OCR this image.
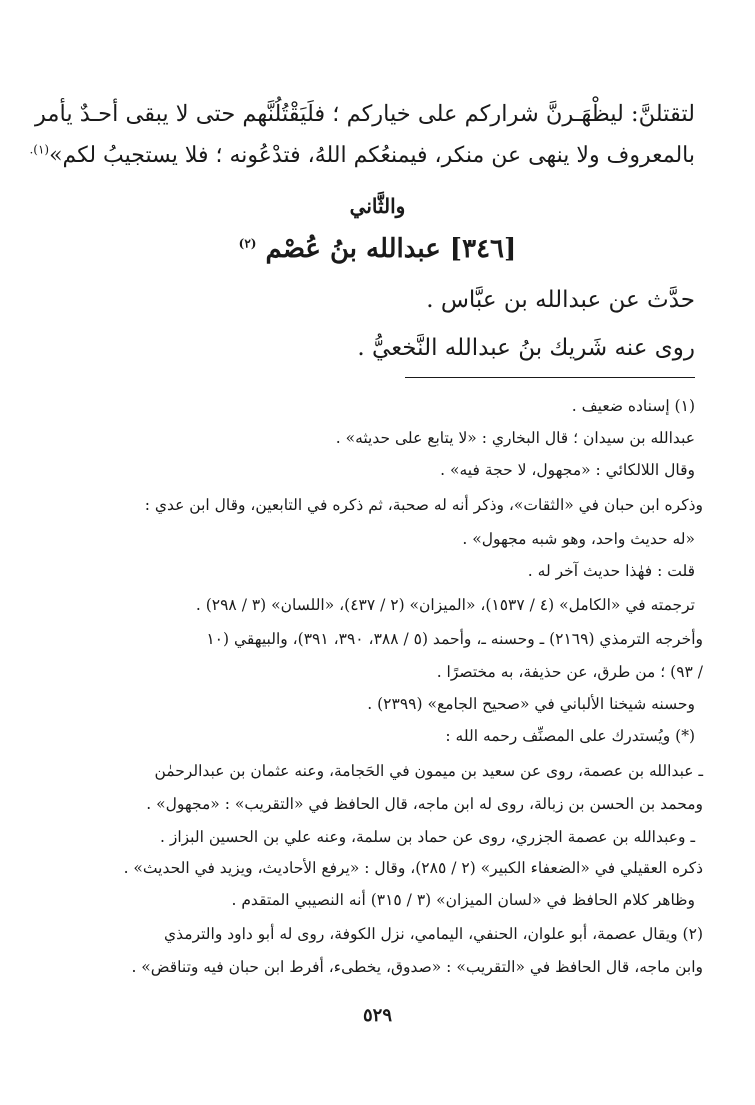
لتقتلنَّ: ليظْهَـرنَّ شراركم على خياركم ؛ فلَيَقْتُلُنَّهم حتى لا يبقى أحـدٌ يأمر
بالمعروف ولا ينهى عن منكر، فيمنعُكم اللهُ، فتدْعُونه ؛ فلا يستجيبُ لكم»$^{(١).}$
والثَّاني
[٣٤٦] عبدالله بنُ عُصْم $^{(٢)}$
حدَّث عن عبدالله بن عبَّاس .
روى عنه شَريك بنُ عبدالله النَّخعيُّ .
(١) إسناده ضعيف .
عبدالله بن سيدان ؛ قال البخاري : «لا يتابع على حديثه» .
وقال اللالكائي : «مجهول، لا حجة فيه» .
وذكره ابن حبان في «الثقات»، وذكر أنه له صحبة، ثم ذكره في التابعين، وقال ابن عدي :
«له حديث واحد، وهو شبه مجهول» .
قلت : فهٰذا حديث آخر له .
ترجمته في «الكامل» (٤ / ١٥٣٧)، «الميزان» (٢ / ٤٣٧)، «اللسان» (٣ / ٢٩٨) .
وأخرجه الترمذي (٢١٦٩) ـ وحسنه ـ، وأحمد (٥ / ٣٨٨، ٣٩٠، ٣٩١)، والبيهقي (١٠
/ ٩٣) ؛ من طرق، عن حذيفة، به مختصرًا .
وحسنه شيخنا الألباني في «صحيح الجامع» (٢٣٩٩) .
(*) ويُستدرك على المصنِّف رحمه الله :
ـ عبدالله بن عصمة، روى عن سعيد بن ميمون في الحَجامة، وعنه عثمان بن عبدالرحمٰن
ومحمد بن الحسن بن زبالة، روى له ابن ماجه، قال الحافظ في «التقريب» : «مجهول» .
ـ وعبدالله بن عصمة الجزري، روى عن حماد بن سلمة، وعنه علي بن الحسين البزاز .
ذكره العقيلي في «الضعفاء الكبير» (٢ / ٢٨٥)، وقال : «يرفع الأحاديث، ويزيد في الحديث» .
وظاهر كلام الحافظ في «لسان الميزان» (٣ / ٣١٥) أنه النصيبي المتقدم .
(٢) ويقال عصمة، أبو علوان، الحنفي، اليمامي، نزل الكوفة، روى له أبو داود والترمذي
وابن ماجه، قال الحافظ في «التقريب» : «صدوق، يخطىء، أفرط ابن حبان فيه وتناقض» .
٥٢٩
